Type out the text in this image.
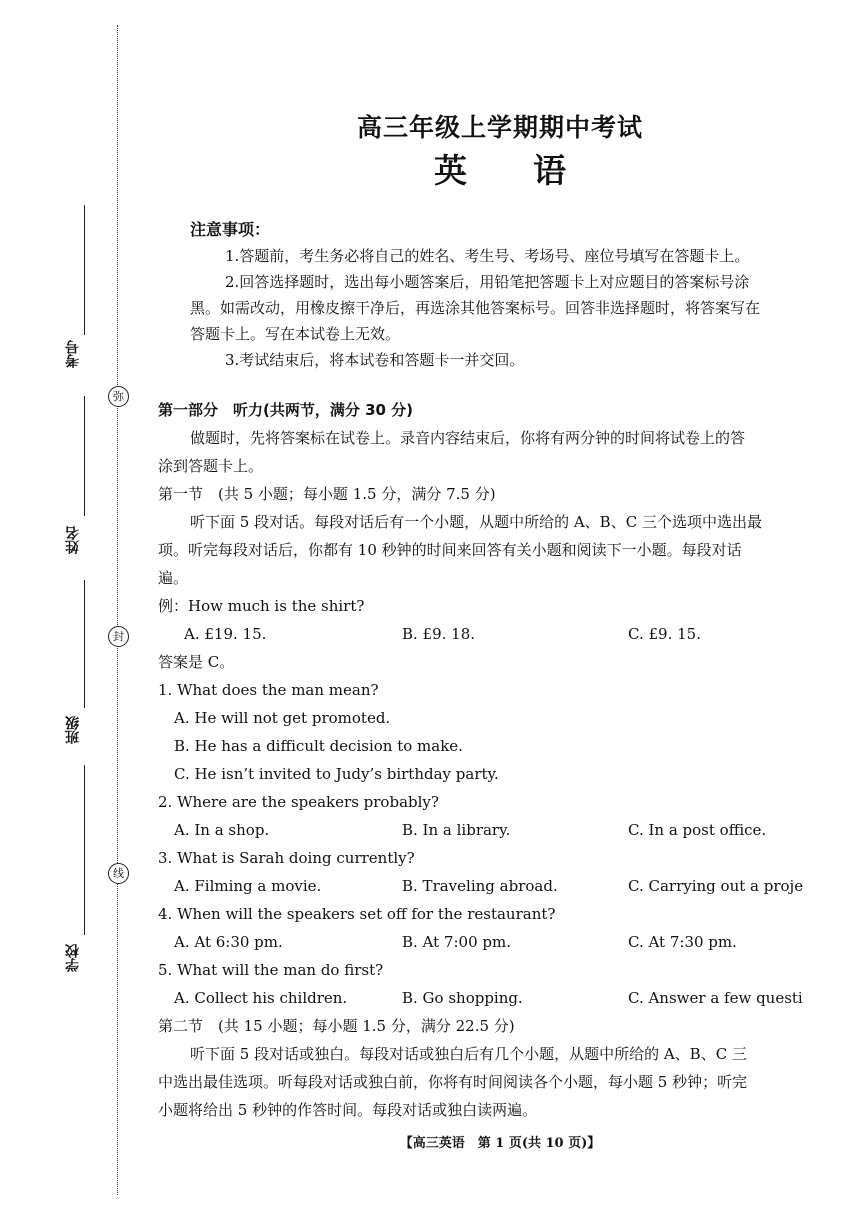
弥
封
线
考号
姓名
班级
学校
高三年级上学期期中考试
英　　语
注意事项：
1.答题前，考生务必将自己的姓名、考生号、考场号、座位号填写在答题卡上。
2.回答选择题时，选出每小题答案后，用铅笔把答题卡上对应题目的答案标号涂
黑。如需改动，用橡皮擦干净后，再选涂其他答案标号。回答非选择题时，将答案写在
答题卡上。写在本试卷上无效。
3.考试结束后，将本试卷和答题卡一并交回。
第一部分　听力(共两节，满分 30 分)
做题时，先将答案标在试卷上。录音内容结束后，你将有两分钟的时间将试卷上的答
涂到答题卡上。
第一节　(共 5 小题；每小题 1.5 分，满分 7.5 分)
听下面 5 段对话。每段对话后有一个小题，从题中所给的 A、B、C 三个选项中选出最
项。听完每段对话后，你都有 10 秒钟的时间来回答有关小题和阅读下一小题。每段对话
遍。
例：How much is the shirt?
A. £19. 15.	B. £9. 18.	C. £9. 15.
答案是 C。
1. What does the man mean?
A. He will not get promoted.
B. He has a difficult decision to make.
C. He isn’t invited to Judy’s birthday party.
2. Where are the speakers probably?
A. In a shop.	B. In a library.	C. In a post office.
3. What is Sarah doing currently?
A. Filming a movie.	B. Traveling abroad.	C. Carrying out a proje
4. When will the speakers set off for the restaurant?
A. At 6:30 pm.	B. At 7:00 pm.	C. At 7:30 pm.
5. What will the man do first?
A. Collect his children.	B. Go shopping.	C. Answer a few questi
第二节　(共 15 小题；每小题 1.5 分，满分 22.5 分)
听下面 5 段对话或独白。每段对话或独白后有几个小题，从题中所给的 A、B、C 三
中选出最佳选项。听每段对话或独白前，你将有时间阅读各个小题，每小题 5 秒钟；听完
小题将给出 5 秒钟的作答时间。每段对话或独白读两遍。
【高三英语　第 1 页(共 10 页)】
